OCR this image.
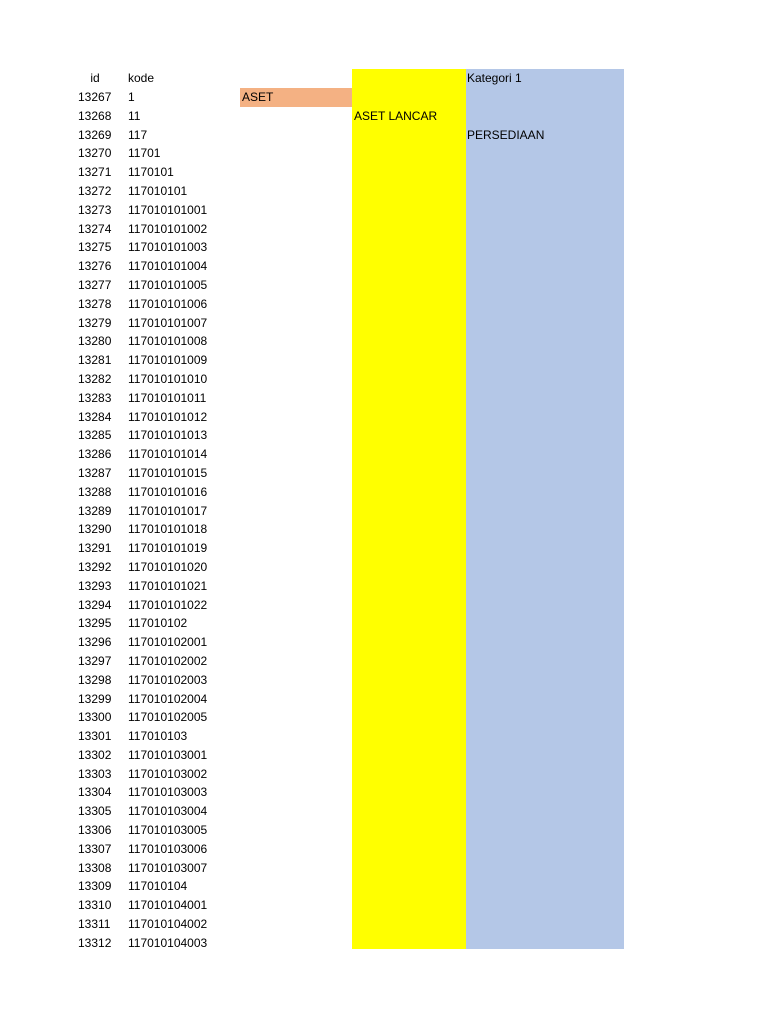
id	kode	Kategori 1
ASET
ASET LANCAR
PERSEDIAAN
13267 1
13268 11
13269 117
13270 11701
13271 1170101
13272 117010101
13273 117010101001
13274 117010101002
13275 117010101003
13276 117010101004
13277 117010101005
13278 117010101006
13279 117010101007
13280 117010101008
13281 117010101009
13282 117010101010
13283 117010101011
13284 117010101012
13285 117010101013
13286 117010101014
13287 117010101015
13288 117010101016
13289 117010101017
13290 117010101018
13291 117010101019
13292 117010101020
13293 117010101021
13294 117010101022
13295 117010102
13296 117010102001
13297 117010102002
13298 117010102003
13299 117010102004
13300 117010102005
13301 117010103
13302 117010103001
13303 117010103002
13304 117010103003
13305 117010103004
13306 117010103005
13307 117010103006
13308 117010103007
13309 117010104
13310 117010104001
13311 117010104002
13312 117010104003
